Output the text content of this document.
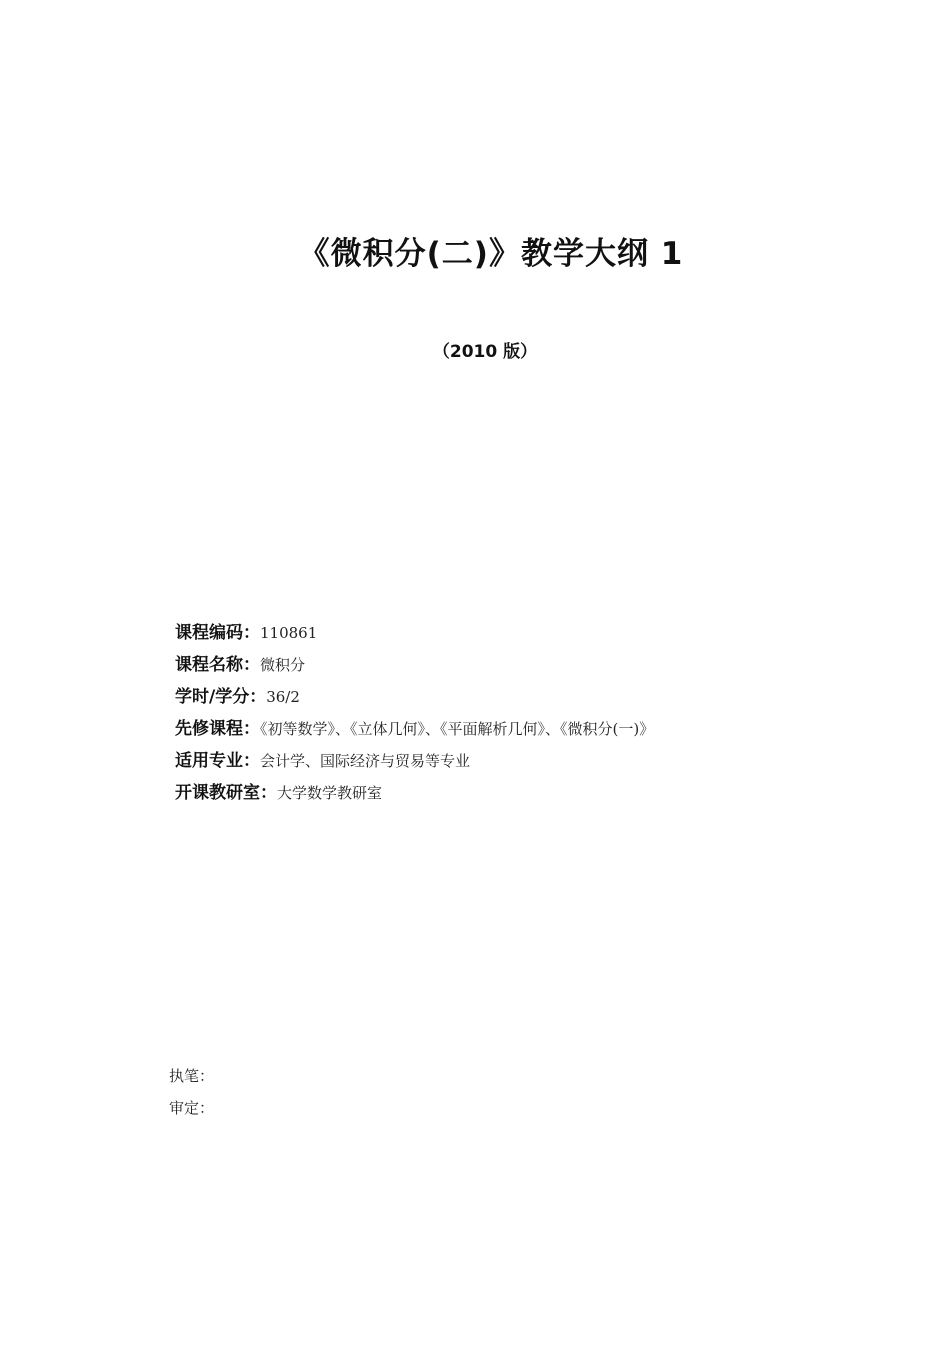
《微积分(二)》教学大纲 1
（2010 版）
课程编码：110861
课程名称：微积分
学时/学分：36/2
先修课程：《初等数学》、《立体几何》、《平面解析几何》、《微积分(一)》
适用专业：会计学、国际经济与贸易等专业
开课教研室：大学数学教研室
执笔：
审定：
